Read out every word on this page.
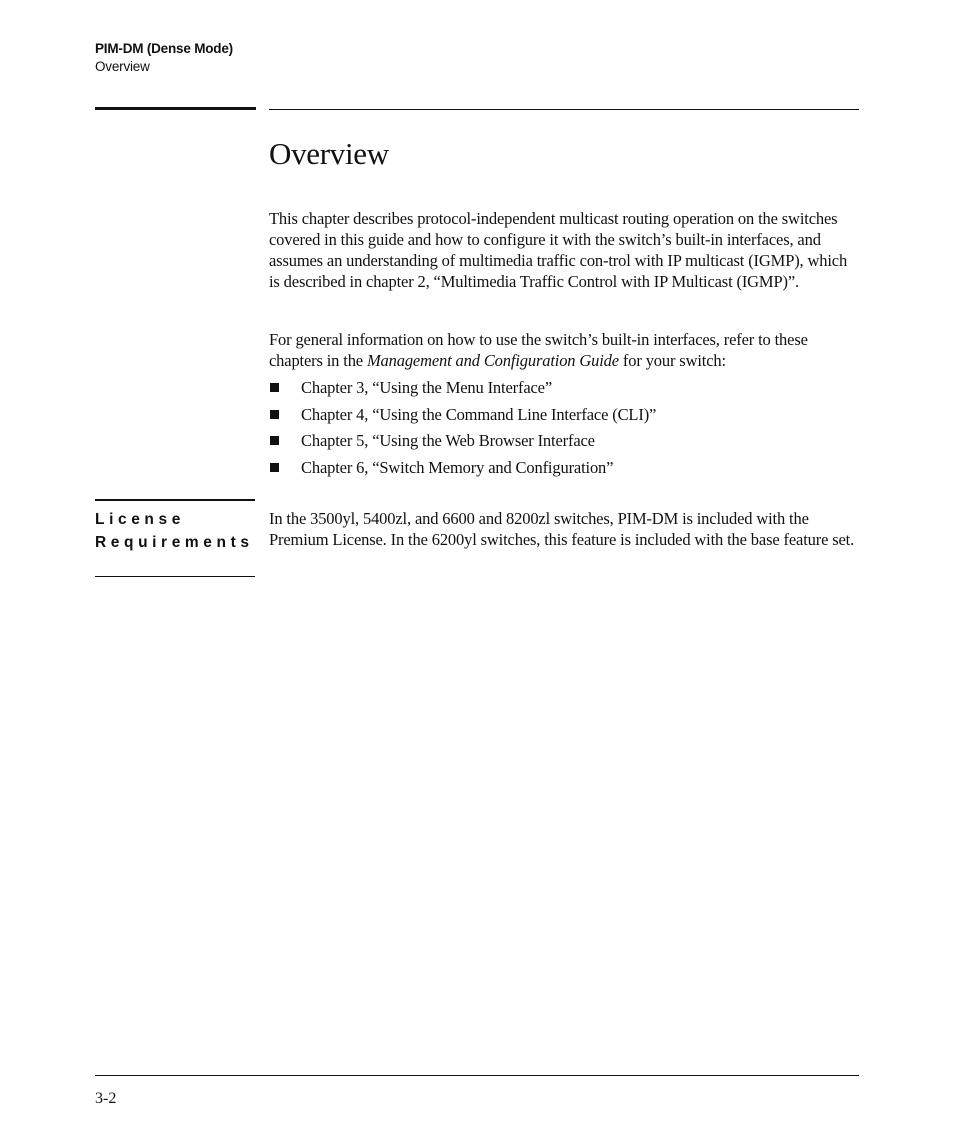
PIM-DM (Dense Mode)
Overview
Overview

This chapter describes protocol-independent multicast routing operation on the switches covered in this guide and how to configure it with the switch’s built-in interfaces, and assumes an understanding of multimedia traffic con-trol with IP multicast (IGMP), which is described in chapter 2, “Multimedia Traffic Control with IP Multicast (IGMP)”.

For general information on how to use the switch’s built-in interfaces, refer to these chapters in the Management and Configuration Guide for your switch:

Chapter 3, “Using the Menu Interface”
Chapter 4, “Using the Command Line Interface (CLI)”
Chapter 5, “Using the Web Browser Interface
Chapter 6, “Switch Memory and Configuration”
License
Requirements

In the 3500yl, 5400zl, and 6600 and 8200zl switches, PIM-DM is included with the Premium License. In the 6200yl switches, this feature is included with the base feature set.

3-2
